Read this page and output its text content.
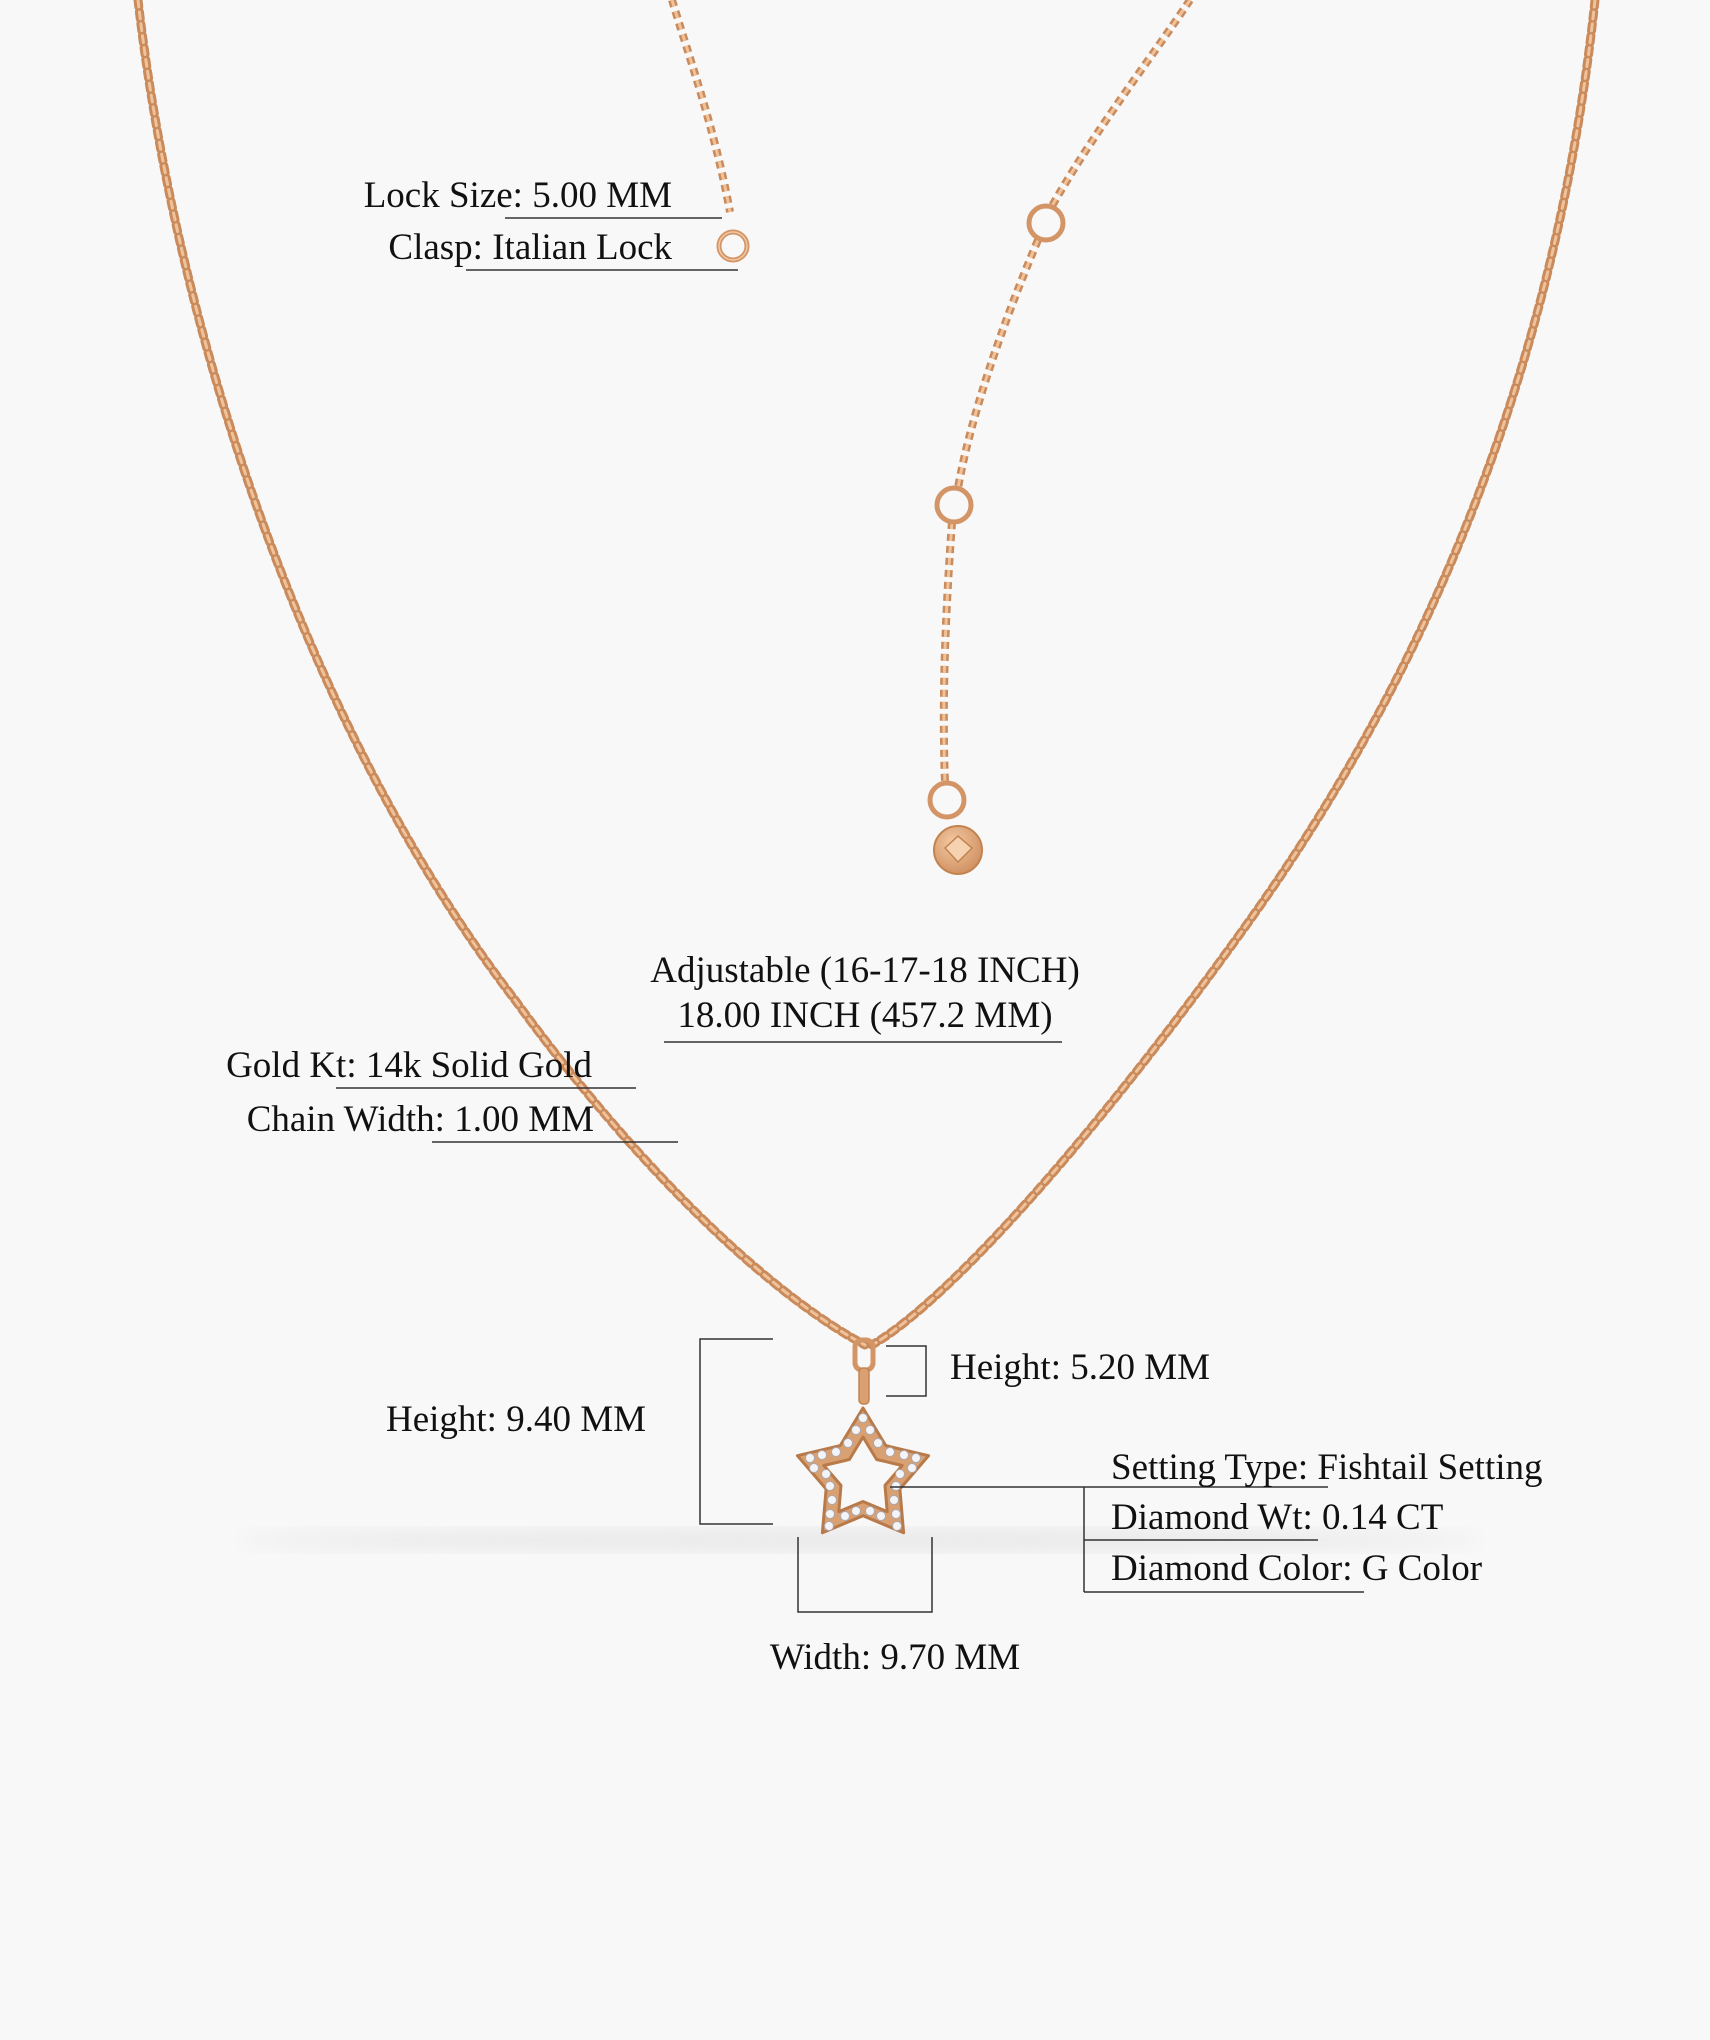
Lock Size: 5.00 MM
Clasp: Italian Lock
Adjustable (16-17-18 INCH)
18.00 INCH (457.2 MM)
Gold Kt: 14k Solid Gold
Chain Width: 1.00 MM
Height: 5.20 MM
Height: 9.40 MM
Setting Type: Fishtail Setting
Diamond Wt: 0.14 CT
Diamond Color: G Color
Width: 9.70 MM
